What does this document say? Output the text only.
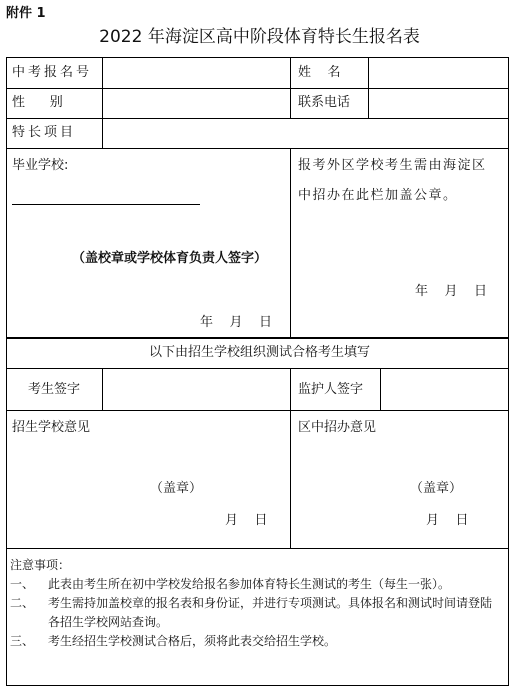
附件 1
2022 年海淀区高中阶段体育特长生报名表
中考报名号	姓    名
性      别	联系电话
特长项目
毕业学校:
（盖校章或学校体育负责人签字）
年    月    日
报考外区学校考生需由海淀区
中招办在此栏加盖公章。
年    月    日
以下由招生学校组织测试合格考生填写
考生签字	监护人签字
招生学校意见
（盖章）
月    日
区中招办意见
（盖章）
月    日

注意事项：

一、	此表由考生所在初中学校发给报名参加体育特长生测试的考生（每生一张）。

二、	考生需持加盖校章的报名表和身份证，并进行专项测试。具体报名和测试时间请登陆各招生学校网站查询。

三、	考生经招生学校测试合格后，须将此表交给招生学校。
